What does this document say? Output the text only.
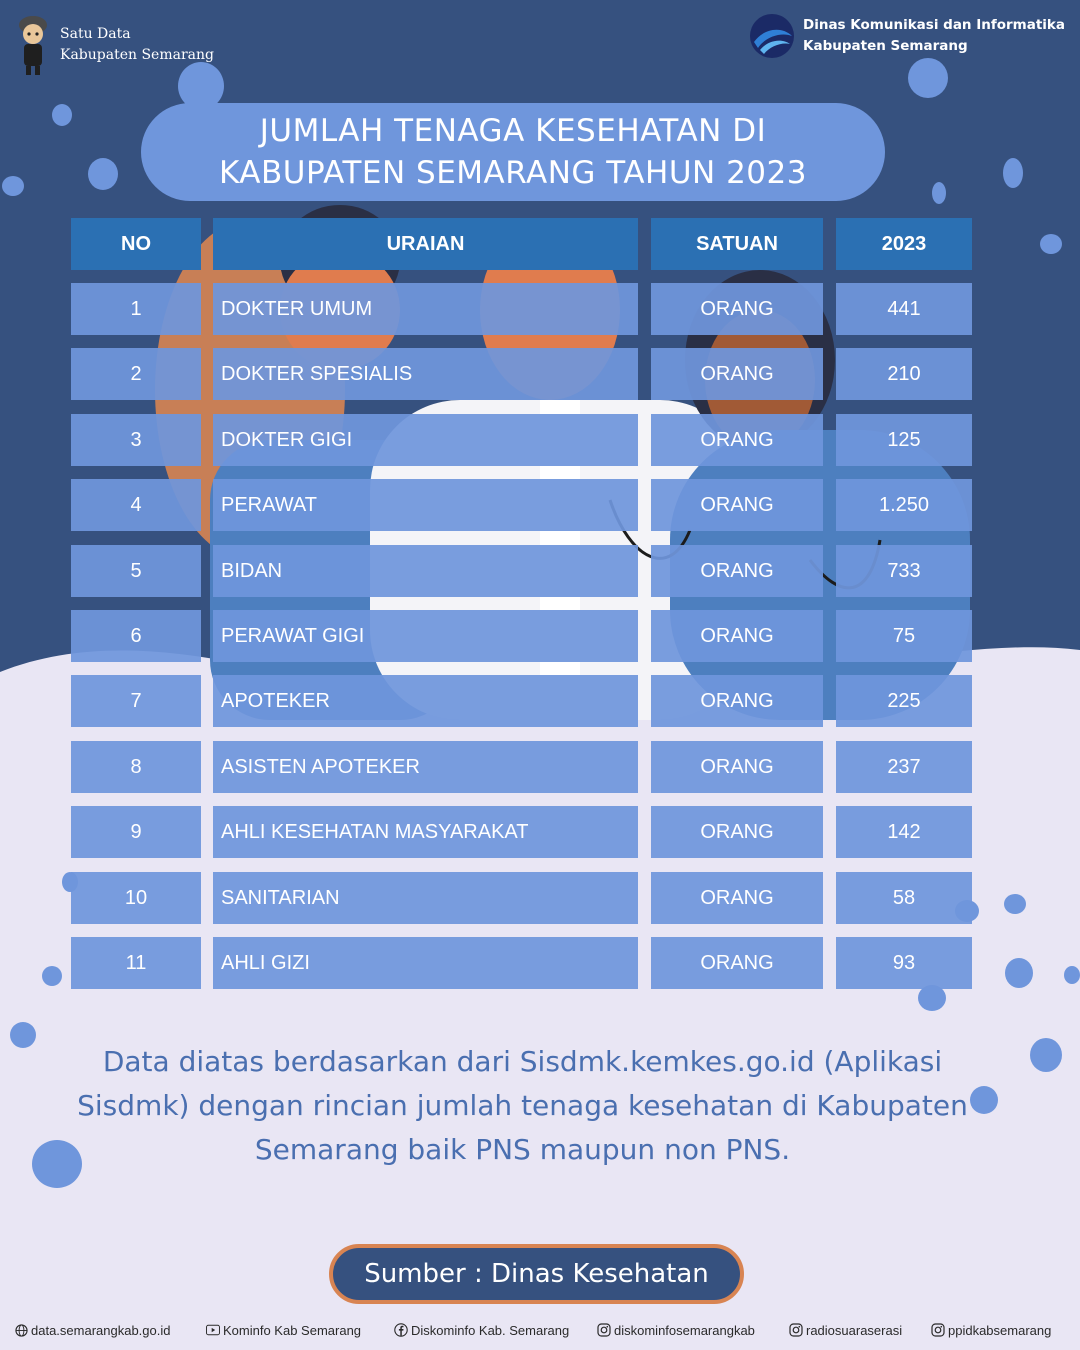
Satu Data
Kabupaten Semarang
Dinas Komunikasi dan Informatika
Kabupaten Semarang
JUMLAH TENAGA KESEHATAN DI
KABUPATEN SEMARANG TAHUN 2023
NO	URAIAN	SATUAN	2023
1	DOKTER UMUM	ORANG	441
2	DOKTER SPESIALIS	ORANG	210
3	DOKTER GIGI	ORANG	125
4	PERAWAT	ORANG	1.250
5	BIDAN	ORANG	733
6	PERAWAT GIGI	ORANG	75
7	APOTEKER	ORANG	225
8	ASISTEN APOTEKER	ORANG	237
9	AHLI KESEHATAN MASYARAKAT	ORANG	142
10	SANITARIAN	ORANG	58
11	AHLI GIZI	ORANG	93
Data diatas berdasarkan dari Sisdmk.kemkes.go.id (Aplikasi
Sisdmk) dengan rincian jumlah tenaga kesehatan di Kabupaten
Semarang baik PNS maupun non PNS.
Sumber : Dinas Kesehatan
data.semarangkab.go.id	Kominfo Kab Semarang	Diskominfo Kab. Semarang	diskominfosemarangkab	radiosuaraserasi	ppidkabsemarang
